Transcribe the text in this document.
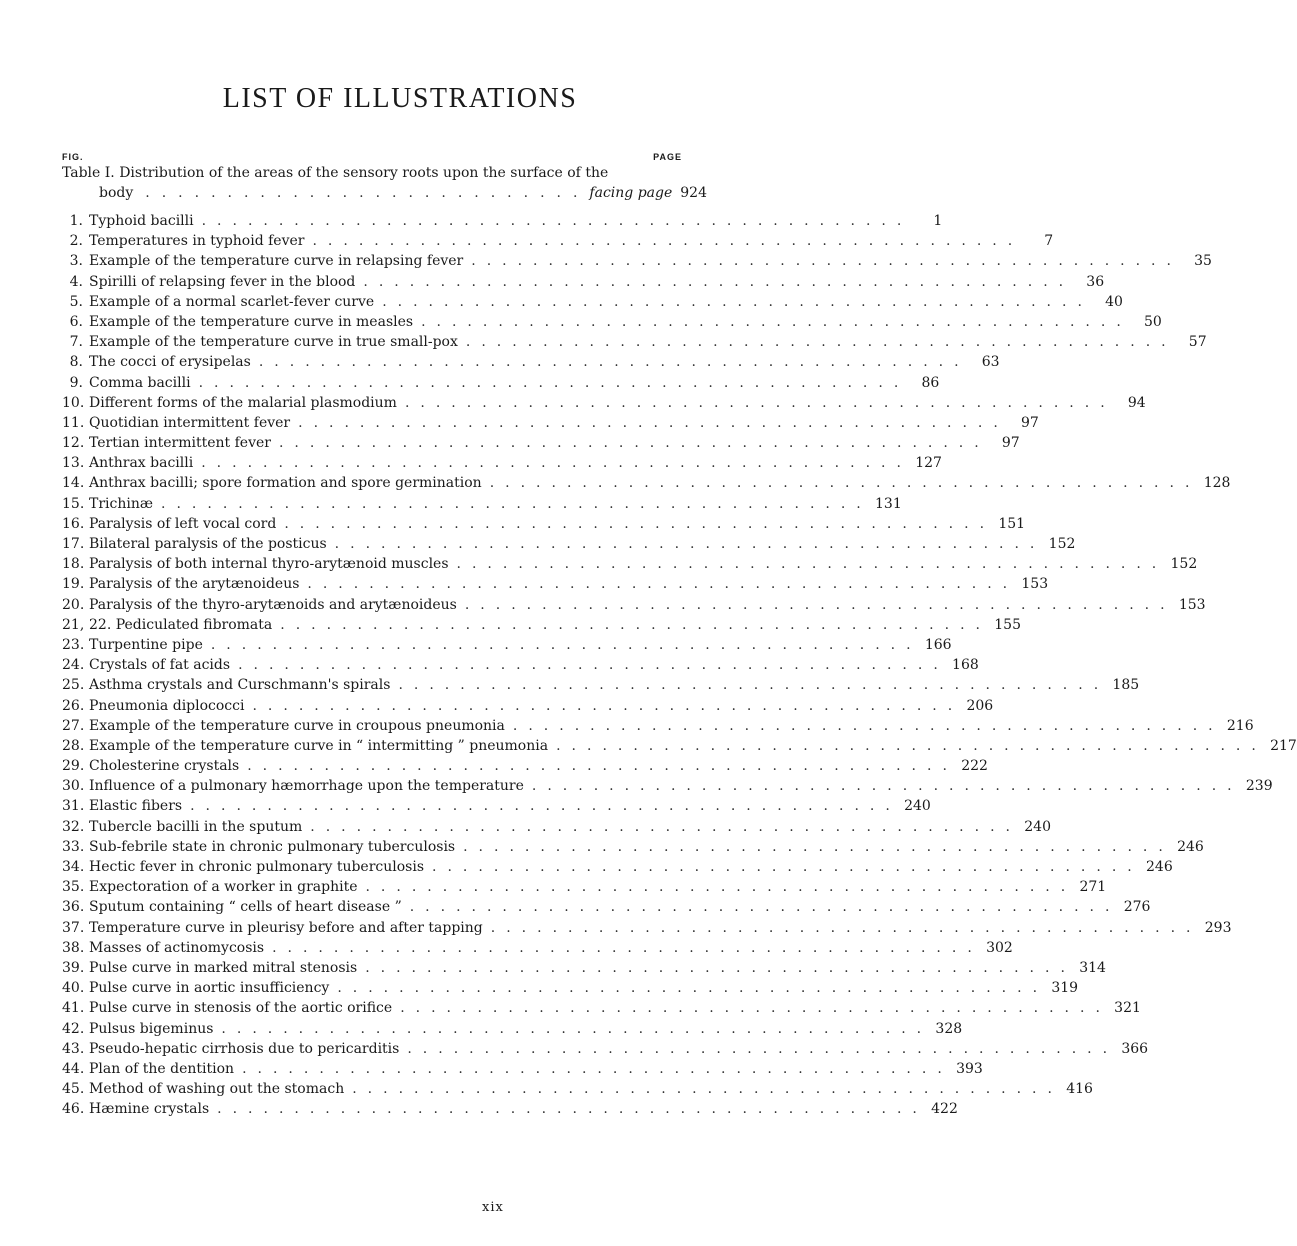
LIST OF ILLUSTRATIONS
FIG.	PAGE
Table I. Distribution of the areas of the sensory roots upon the surface of the
body ........................... facing page 924
1. Typhoid bacilli ..............................................	1
2. Temperatures in typhoid fever ..............................................	7
3. Example of the temperature curve in relapsing fever .............................................. 35
4. Spirilli of relapsing fever in the blood .............................................. 36
5. Example of a normal scarlet-fever curve .............................................. 40
6. Example of the temperature curve in measles .............................................. 50
7. Example of the temperature curve in true small-pox .............................................. 57
8. The cocci of erysipelas .............................................. 63
9. Comma bacilli .............................................. 86
10. Different forms of the malarial plasmodium .............................................. 94
11. Quotidian intermittent fever .............................................. 97
12. Tertian intermittent fever .............................................. 97
13. Anthrax bacilli .............................................. 127
14. Anthrax bacilli; spore formation and spore germination .............................................. 128
15. Trichinæ .............................................. 131
16. Paralysis of left vocal cord .............................................. 151
17. Bilateral paralysis of the posticus .............................................. 152
18. Paralysis of both internal thyro-arytænoid muscles .............................................. 152
19. Paralysis of the arytænoideus .............................................. 153
20. Paralysis of the thyro-arytænoids and arytænoideus .............................................. 153
21, 22. Pediculated fibromata .............................................. 155
23. Turpentine pipe .............................................. 166
24. Crystals of fat acids .............................................. 168
25. Asthma crystals and Curschmann's spirals .............................................. 185
26. Pneumonia diplococci .............................................. 206
27. Example of the temperature curve in croupous pneumonia .............................................. 216
28. Example of the temperature curve in “ intermitting ” pneumonia .............................................. 217
29. Cholesterine crystals .............................................. 222
30. Influence of a pulmonary hæmorrhage upon the temperature .............................................. 239
31. Elastic fibers .............................................. 240
32. Tubercle bacilli in the sputum .............................................. 240
33. Sub-febrile state in chronic pulmonary tuberculosis .............................................. 246
34. Hectic fever in chronic pulmonary tuberculosis .............................................. 246
35. Expectoration of a worker in graphite .............................................. 271
36. Sputum containing “ cells of heart disease ” .............................................. 276
37. Temperature curve in pleurisy before and after tapping .............................................. 293
38. Masses of actinomycosis .............................................. 302
39. Pulse curve in marked mitral stenosis .............................................. 314
40. Pulse curve in aortic insufficiency .............................................. 319
41. Pulse curve in stenosis of the aortic orifice .............................................. 321
42. Pulsus bigeminus .............................................. 328
43. Pseudo-hepatic cirrhosis due to pericarditis .............................................. 366
44. Plan of the dentition .............................................. 393
45. Method of washing out the stomach .............................................. 416
46. Hæmine crystals .............................................. 422
xix
